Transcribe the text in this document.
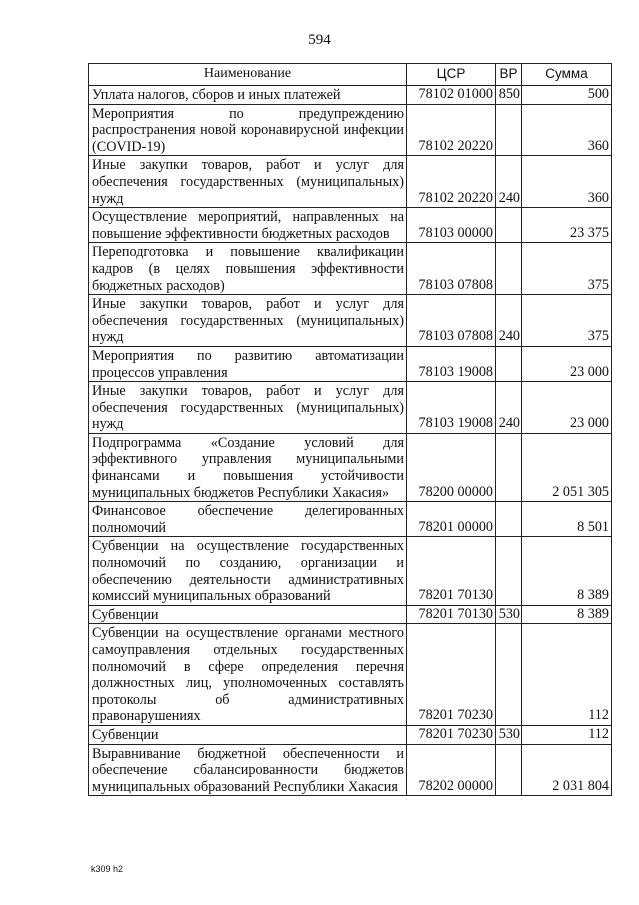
594
Наименование	ЦСР	ВР	Сумма
Уплата налогов, сборов и иных платежей	78102 01000	850	500
Мероприятия по предупреждению распространения новой коронавирусной инфекции (COVID-19)	78102 20220		360
Иные закупки товаров, работ и услуг для обеспечения государственных (муниципальных) нужд	78102 20220	240	360
Осуществление мероприятий, направленных на повышение эффективности бюджетных расходов	78103 00000		23 375
Переподготовка и повышение квалификации кадров (в целях повышения эффективности бюджетных расходов)	78103 07808		375
Иные закупки товаров, работ и услуг для обеспечения государственных (муниципальных) нужд	78103 07808	240	375
Мероприятия по развитию автоматизации процессов управления	78103 19008		23 000
Иные закупки товаров, работ и услуг для обеспечения государственных (муниципальных) нужд	78103 19008	240	23 000
Подпрограмма «Создание условий для эффективного управления муниципальными финансами и повышения устойчивости муниципальных бюджетов Республики Хакасия»	78200 00000		2 051 305
Финансовое обеспечение делегированных полномочий	78201 00000		8 501
Субвенции на осуществление государственных полномочий по созданию, организации и обеспечению деятельности административных комиссий муниципальных образований	78201 70130		8 389
Субвенции	78201 70130	530	8 389
Субвенции на осуществление органами местного самоуправления отдельных государственных полномочий в сфере определения перечня должностных лиц, уполномоченных составлять протоколы об административных правонарушениях	78201 70230		112
Субвенции	78201 70230	530	112
Выравнивание бюджетной обеспеченности и обеспечение сбалансированности бюджетов муниципальных образований Республики Хакасия	78202 00000		2 031 804
k309 h2
